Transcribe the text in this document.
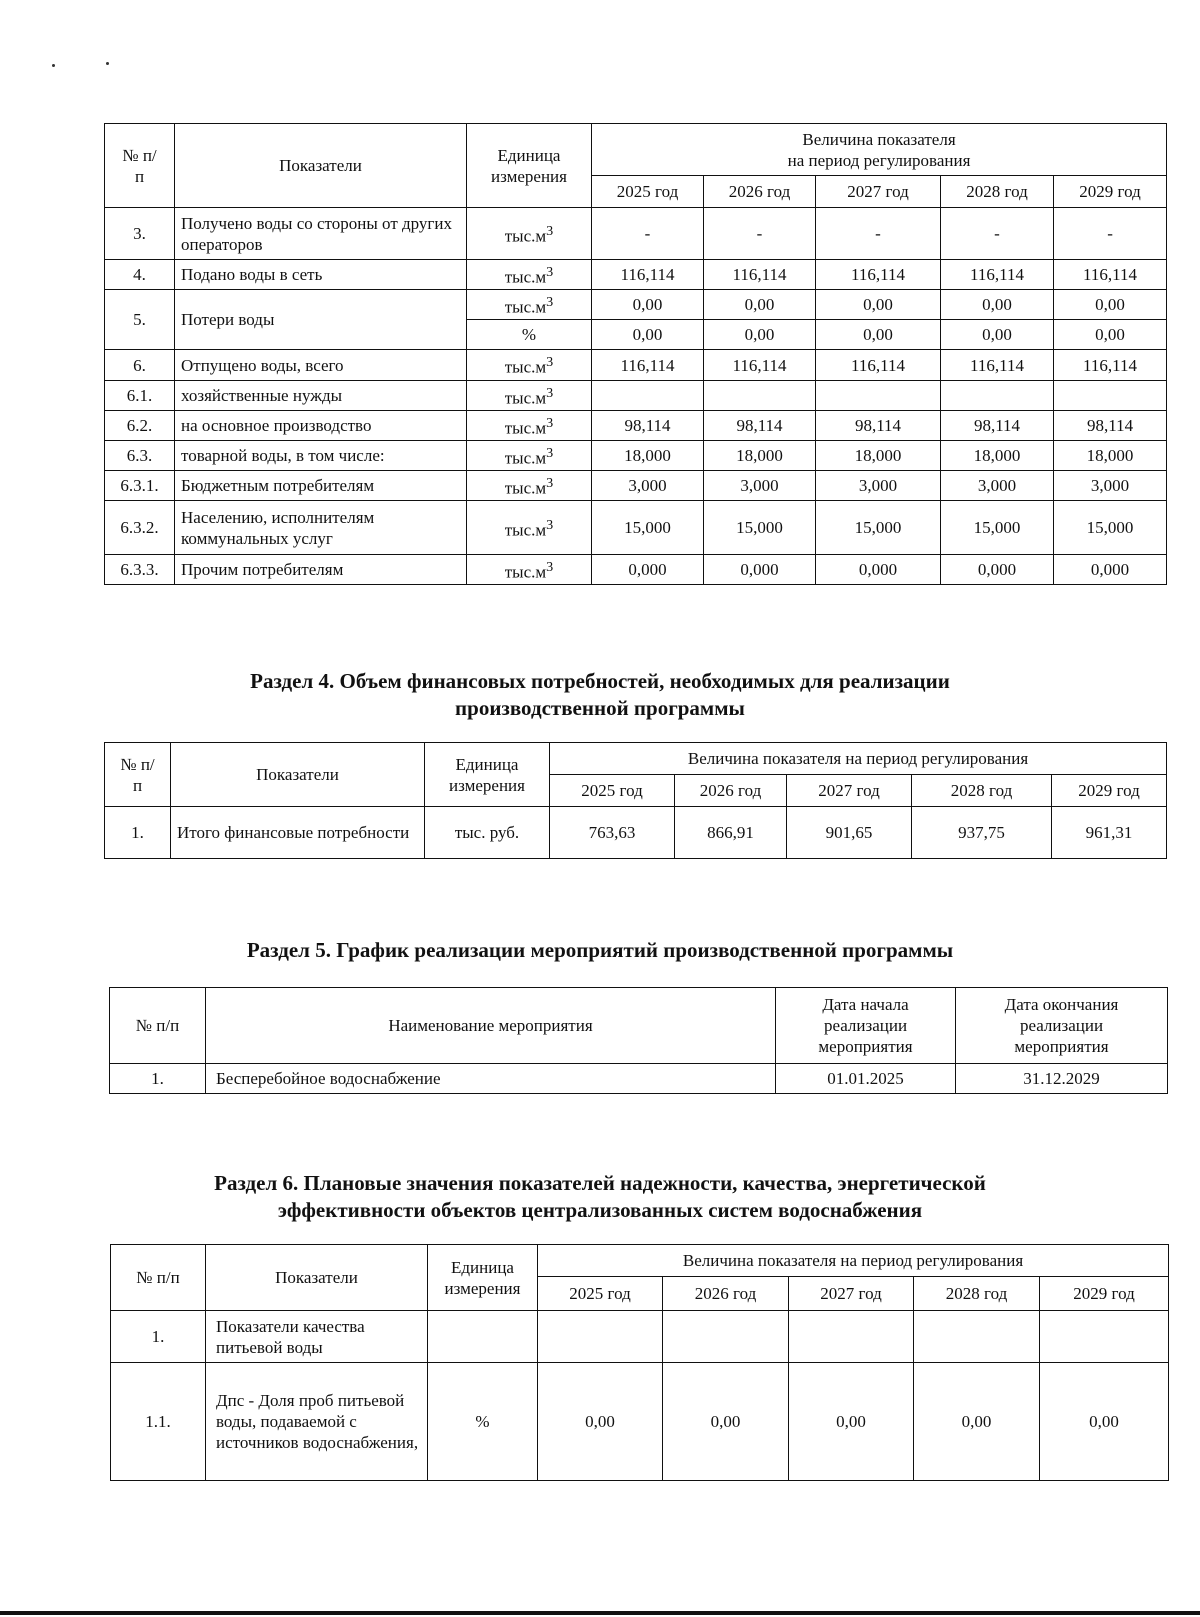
№ п/п	Показатели	Единица измерения	Величина показателя
на период регулирования				
			2025 год	2026 год	2027 год	2028 год	2029 год
3.	Получено воды со стороны от других операторов	$тыс.м^3$	-	-	-	-	-
4.	Подано воды в сеть	$тыс.м^3$	116,114	116,114	116,114	116,114	116,114
5.	Потери воды	$тыс.м^3$	0,00	0,00	0,00	0,00	0,00
		%	0,00	0,00	0,00	0,00	0,00
6.	Отпущено воды, всего	$тыс.м^3$	116,114	116,114	116,114	116,114	116,114
6.1.	хозяйственные нужды	$тыс.м^3$					
6.2.	на основное производство	$тыс.м^3$	98,114	98,114	98,114	98,114	98,114
6.3.	товарной воды, в том числе:	$тыс.м^3$	18,000	18,000	18,000	18,000	18,000
6.3.1.	Бюджетным потребителям	$тыс.м^3$	3,000	3,000	3,000	3,000	3,000
6.3.2.	Населению, исполнителям коммунальных услуг	$тыс.м^3$	15,000	15,000	15,000	15,000	15,000
6.3.3.	Прочим потребителям	$тыс.м^3$	0,000	0,000	0,000	0,000	0,000
Раздел 4. Объем финансовых потребностей, необходимых для реализации
производственной программы
№ п/п	Показатели	Единица измерения	Величина показателя на период регулирования				
			2025 год	2026 год	2027 год	2028 год	2029 год
1.	Итого финансовые потребности	тыс. руб.	763,63	866,91	901,65	937,75	961,31
Раздел 5. График реализации мероприятий производственной программы
№ п/п	Наименование мероприятия	Дата начала реализации мероприятия	Дата окончания реализации мероприятия
1.	Бесперебойное водоснабжение	01.01.2025	31.12.2029
Раздел 6. Плановые значения показателей надежности, качества, энергетической
эффективности объектов централизованных систем водоснабжения
№ п/п	Показатели	Единица измерения	Величина показателя на период регулирования				
			2025 год	2026 год	2027 год	2028 год	2029 год
1.	Показатели качества питьевой воды						
1.1.	Дпс - Доля проб питьевой воды, подаваемой с источников водоснабжения,	%	0,00	0,00	0,00	0,00	0,00
